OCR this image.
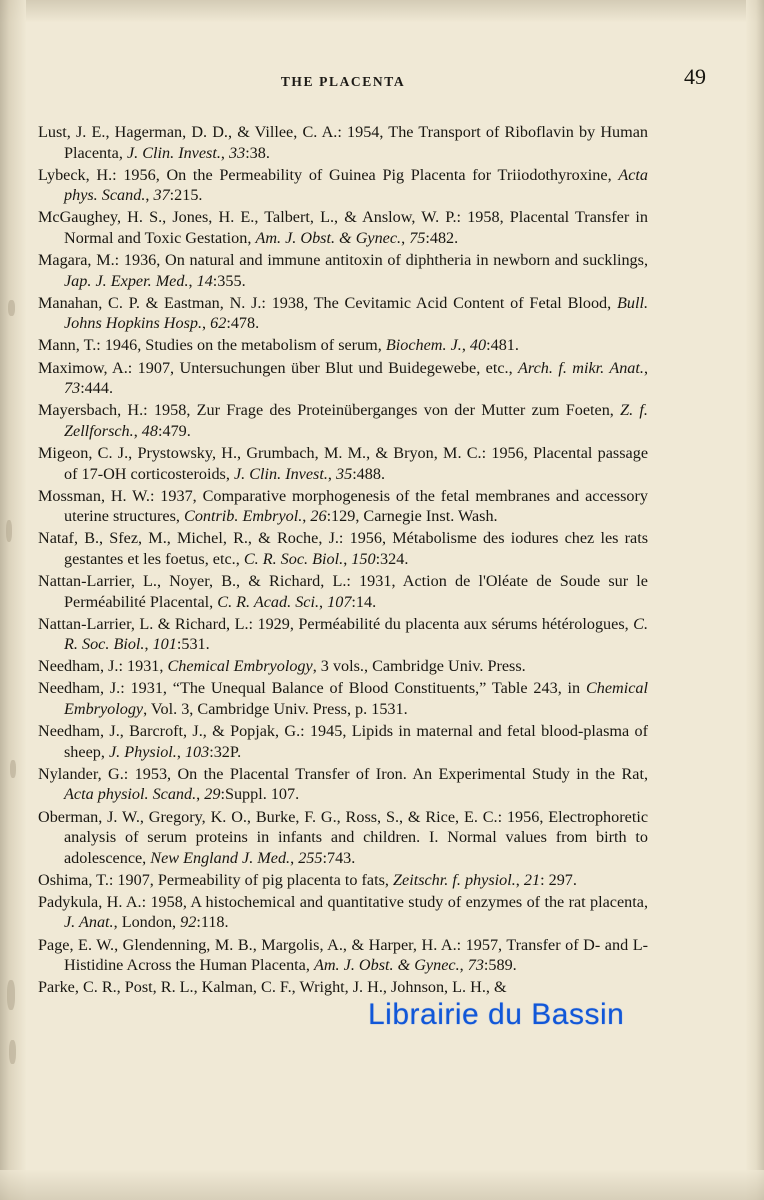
THE PLACENTA	49
Lust, J. E., Hagerman, D. D., & Villee, C. A.: 1954, The Transport of Riboflavin by Human Placenta, J. Clin. Invest., 33:38.
Lybeck, H.: 1956, On the Permeability of Guinea Pig Placenta for Triiodothyroxine, Acta phys. Scand., 37:215.
McGaughey, H. S., Jones, H. E., Talbert, L., & Anslow, W. P.: 1958, Placental Transfer in Normal and Toxic Gestation, Am. J. Obst. & Gynec., 75:482.
Magara, M.: 1936, On natural and immune antitoxin of diphtheria in newborn and sucklings, Jap. J. Exper. Med., 14:355.
Manahan, C. P. & Eastman, N. J.: 1938, The Cevitamic Acid Content of Fetal Blood, Bull. Johns Hopkins Hosp., 62:478.
Mann, T.: 1946, Studies on the metabolism of serum, Biochem. J., 40:481.
Maximow, A.: 1907, Untersuchungen über Blut und Buidegewebe, etc., Arch. f. mikr. Anat., 73:444.
Mayersbach, H.: 1958, Zur Frage des Proteinüberganges von der Mutter zum Foeten, Z. f. Zellforsch., 48:479.
Migeon, C. J., Prystowsky, H., Grumbach, M. M., & Bryon, M. C.: 1956, Placental passage of 17-OH corticosteroids, J. Clin. Invest., 35:488.
Mossman, H. W.: 1937, Comparative morphogenesis of the fetal membranes and accessory uterine structures, Contrib. Embryol., 26:129, Carnegie Inst. Wash.
Nataf, B., Sfez, M., Michel, R., & Roche, J.: 1956, Métabolisme des iodures chez les rats gestantes et les foetus, etc., C. R. Soc. Biol., 150:324.
Nattan-Larrier, L., Noyer, B., & Richard, L.: 1931, Action de l'Oléate de Soude sur le Perméabilité Placental, C. R. Acad. Sci., 107:14.
Nattan-Larrier, L. & Richard, L.: 1929, Perméabilité du placenta aux sérums hétérologues, C. R. Soc. Biol., 101:531.
Needham, J.: 1931, Chemical Embryology, 3 vols., Cambridge Univ. Press.
Needham, J.: 1931, “The Unequal Balance of Blood Constituents,” Table 243, in Chemical Embryology, Vol. 3, Cambridge Univ. Press, p. 1531.
Needham, J., Barcroft, J., & Popjak, G.: 1945, Lipids in maternal and fetal blood-plasma of sheep, J. Physiol., 103:32P.
Nylander, G.: 1953, On the Placental Transfer of Iron. An Experimental Study in the Rat, Acta physiol. Scand., 29:Suppl. 107.
Oberman, J. W., Gregory, K. O., Burke, F. G., Ross, S., & Rice, E. C.: 1956, Electrophoretic analysis of serum proteins in infants and children. I. Normal values from birth to adolescence, New England J. Med., 255:743.
Oshima, T.: 1907, Permeability of pig placenta to fats, Zeitschr. f. physiol., 21: 297.
Padykula, H. A.: 1958, A histochemical and quantitative study of enzymes of the rat placenta, J. Anat., London, 92:118.
Page, E. W., Glendenning, M. B., Margolis, A., & Harper, H. A.: 1957, Transfer of D- and L-Histidine Across the Human Placenta, Am. J. Obst. & Gynec., 73:589.
Parke, C. R., Post, R. L., Kalman, C. F., Wright, J. H., Johnson, L. H., &
Librairie du Bassin
